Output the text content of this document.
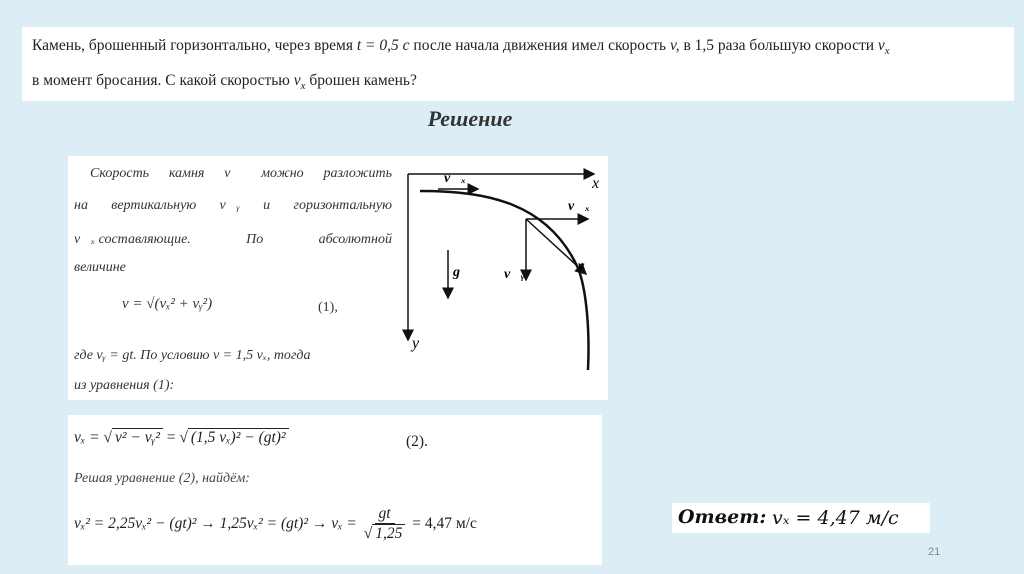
Камень, брошенный горизонтально, через время t = 0,5 c после начала движения имел скорость v, в 1,5 раза большую скорости $v_x$
в момент бросания. С какой скоростью $v_x$ брошен камень?
Решение
Скорость камня v⃗ можно разложить
на вертикальную v⃗ᵧ и горизонтальную
v⃗ₓ составляющие.	По	абсолютной
величине
v = √(vₓ² + vᵧ²)	(1),
где vᵧ = gt. По условию v = 1,5 vₓ, тогда
из уравнения (1):
x
y
v⃗ₓ
v⃗ₓ
v⃗ᵧ
v⃗
g⃗
vₓ = √ v² − vᵧ² = √ (1,5 vₓ)² − (gt)²	(2).
Решая уравнение (2), найдём:
$v_x^2 = 2,25v_x^2 - (gt)^2 \to 1,25v_x^2 = (gt)^2 \to v_x = \frac{gt}{√ 1,25} = 4,47$ м/с	Ответ: vₓ = 4,47 м/с
21
